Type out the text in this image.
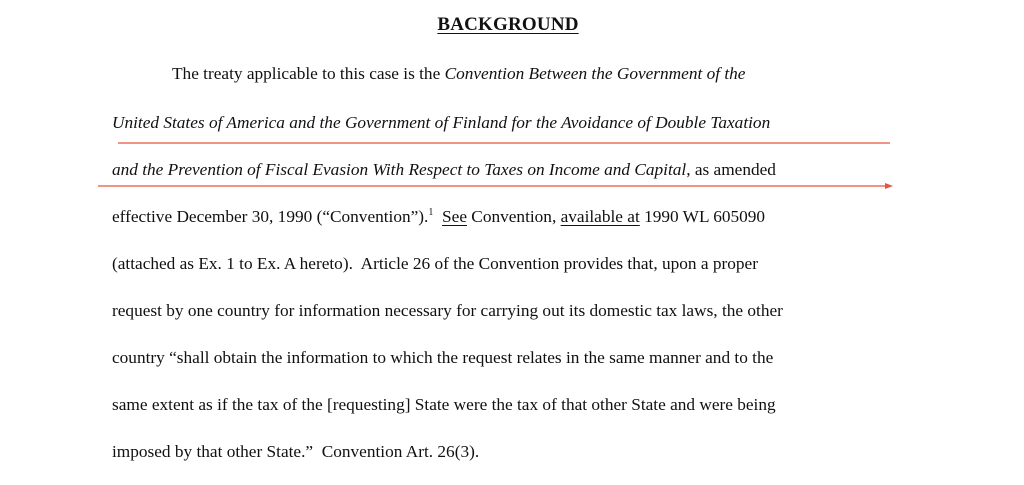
BACKGROUND
The treaty applicable to this case is the Convention Between the Government of the
United States of America and the Government of Finland for the Avoidance of Double Taxation
and the Prevention of Fiscal Evasion With Respect to Taxes on Income and Capital, as amended
effective December 30, 1990 (“Convention”).$^1$ See Convention, available at 1990 WL 605090
(attached as Ex. 1 to Ex. A hereto).  Article 26 of the Convention provides that, upon a proper
request by one country for information necessary for carrying out its domestic tax laws, the other
country “shall obtain the information to which the request relates in the same manner and to the
same extent as if the tax of the [requesting] State were the tax of that other State and were being
imposed by that other State.”  Convention Art. 26(3).
